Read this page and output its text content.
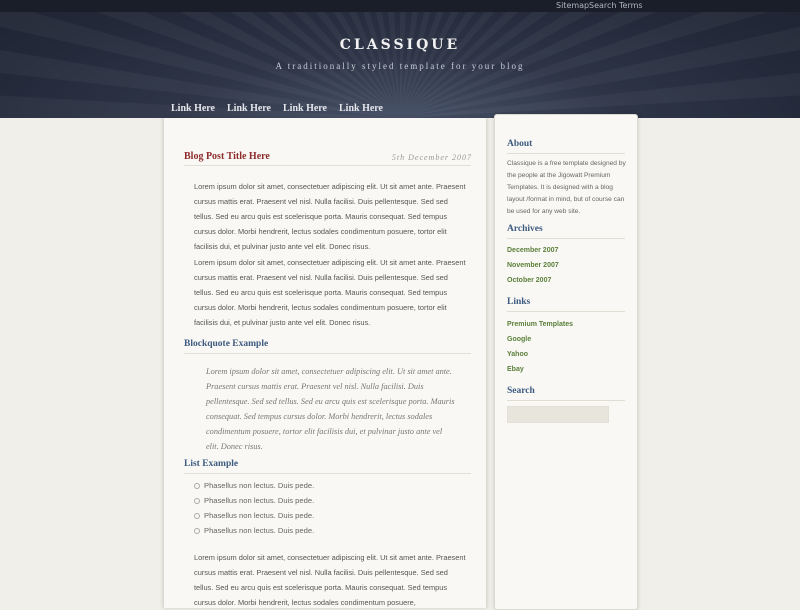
Sitemap Search Terms
CLASSIQUE
A traditionally styled template for your blog
Link Here Link Here Link Here Link Here
Blog Post Title Here	5th December 2007
Lorem ipsum dolor sit amet, consectetuer adipiscing elit. Ut sit amet ante. Praesent cursus mattis erat. Praesent vel nisl. Nulla facilisi. Duis pellentesque. Sed sed tellus. Sed eu arcu quis est scelerisque porta. Mauris consequat. Sed tempus cursus dolor. Morbi hendrerit, lectus sodales condimentum posuere, tortor elit facilisis dui, et pulvinar justo ante vel elit. Donec risus.
Lorem ipsum dolor sit amet, consectetuer adipiscing elit. Ut sit amet ante. Praesent cursus mattis erat. Praesent vel nisl. Nulla facilisi. Duis pellentesque. Sed sed tellus. Sed eu arcu quis est scelerisque porta. Mauris consequat. Sed tempus cursus dolor. Morbi hendrerit, lectus sodales condimentum posuere, tortor elit facilisis dui, et pulvinar justo ante vel elit. Donec risus.
Blockquote Example
Lorem ipsum dolor sit amet, consectetuer adipiscing elit. Ut sit amet ante. Praesent cursus mattis erat. Praesent vel nisl. Nulla facilisi. Duis pellentesque. Sed sed tellus. Sed eu arcu quis est scelerisque porta. Mauris consequat. Sed tempus cursus dolor. Morbi hendrerit, lectus sodales condimentum posuere, tortor elit facilisis dui, et pulvinar justo ante vel elit. Donec risus.
List Example
Phasellus non lectus. Duis pede.
Phasellus non lectus. Duis pede.
Phasellus non lectus. Duis pede.
Phasellus non lectus. Duis pede.
Lorem ipsum dolor sit amet, consectetuer adipiscing elit. Ut sit amet ante. Praesent cursus mattis erat. Praesent vel nisl. Nulla facilisi. Duis pellentesque. Sed sed tellus. Sed eu arcu quis est scelerisque porta. Mauris consequat. Sed tempus cursus dolor. Morbi hendrerit, lectus sodales condimentum posuere,
About
Classique is a free template designed by the people at the Jigowatt Premium Templates. It is designed with a blog layout /format in mind, but of course can be used for any web site.
Archives
December 2007
November 2007
October 2007
Links
Premium Templates
Google
Yahoo
Ebay
Search
